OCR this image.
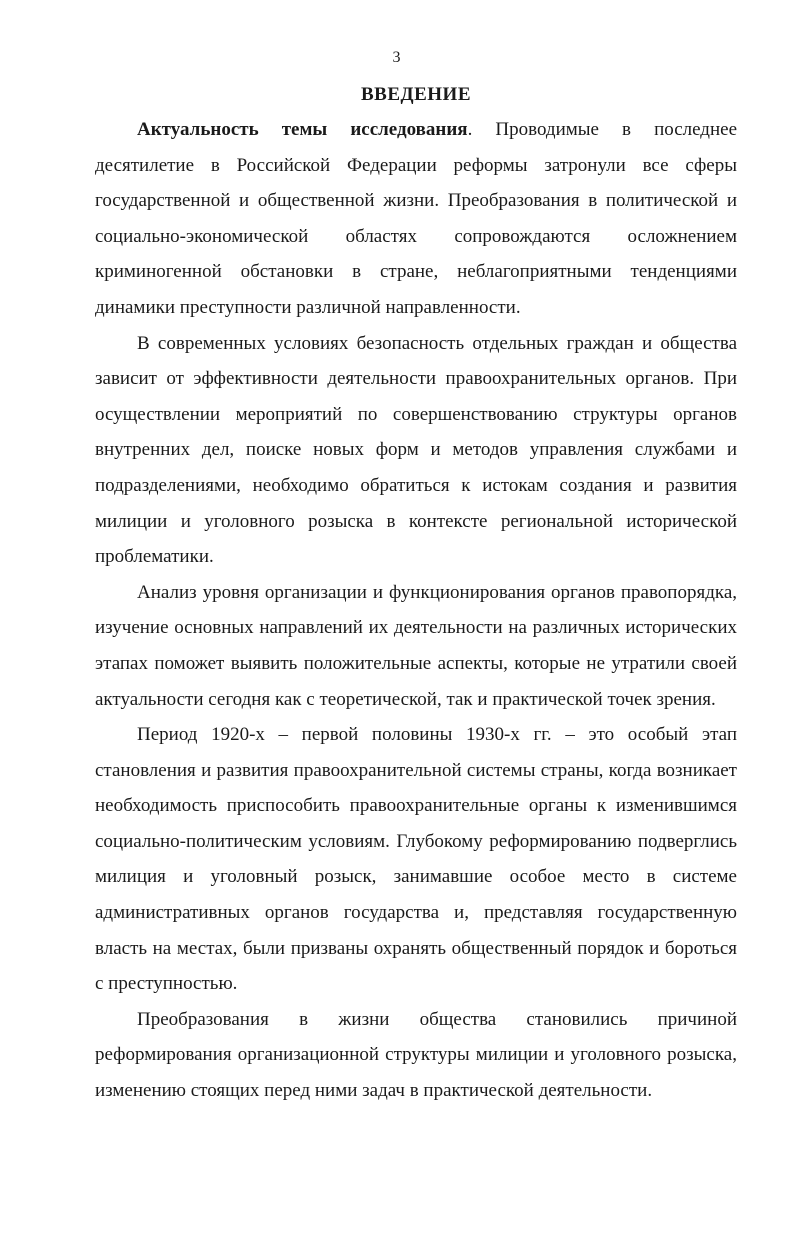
3
ВВЕДЕНИЕ

Актуальность темы исследования. Проводимые в последнее десятилетие в Российской Федерации реформы затронули все сферы государственной и общественной жизни. Преобразования в политической и социально-экономической областях сопровождаются осложнением криминогенной обстановки в стране, неблагоприятными тенденциями динамики преступности различной направленности.

В современных условиях безопасность отдельных граждан и общества зависит от эффективности деятельности правоохранительных органов. При осуществлении мероприятий по совершенствованию структуры органов внутренних дел, поиске новых форм и методов управления службами и подразделениями, необходимо обратиться к истокам создания и развития милиции и уголовного розыска в контексте региональной исторической проблематики.

Анализ уровня организации и функционирования органов правопорядка, изучение основных направлений их деятельности на различных исторических этапах поможет выявить положительные аспекты, которые не утратили своей актуальности сегодня как с теоретической, так и практической точек зрения.

Период 1920-х – первой половины 1930-х гг. – это особый этап становления и развития правоохранительной системы страны, когда возникает необходимость приспособить правоохранительные органы к изменившимся социально-политическим условиям. Глубокому реформированию подверглись милиция и уголовный розыск, занимавшие особое место в системе административных органов государства и, представляя государственную власть на местах, были призваны охранять общественный порядок и бороться с преступностью.

Преобразования в жизни общества становились причиной реформирования организационной структуры милиции и уголовного розыска, изменению стоящих перед ними задач в практической деятельности.
